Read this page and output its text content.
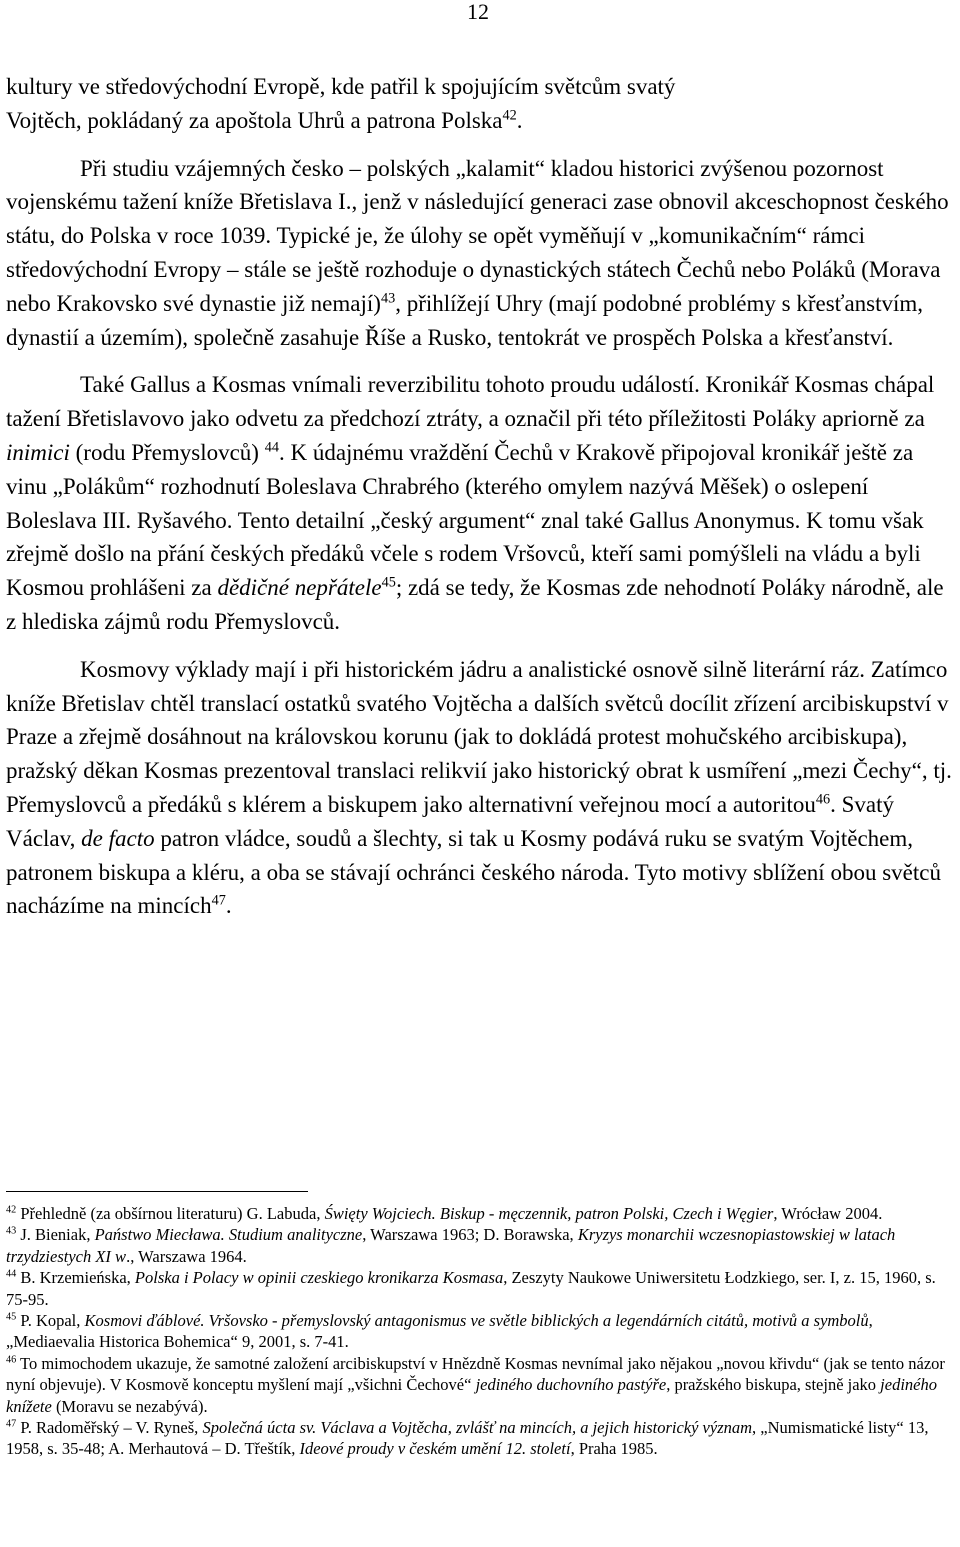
12

kultury ve středovýchodní Evropě, kde patřil k spojujícím světcům svatý
Vojtěch, pokládaný za apoštola Uhrů a patrona Polska$^{42}$.

Při studiu vzájemných česko – polských „kalamit“ kladou historici zvýšenou pozornost vojenskému tažení kníže Břetislava I., jenž v následující generaci zase obnovil akceschopnost českého státu, do Polska v roce 1039. Typické je, že úlohy se opět vyměňují v „komunikačním“ rámci středovýchodní Evropy – stále se ještě rozhoduje o dynastických státech Čechů nebo Poláků (Morava nebo Krakovsko své dynastie již nemají)$^{43}$, přihlížejí Uhry (mají podobné problémy s křesťanstvím, dynastií a územím), společně zasahuje Říše a Rusko, tentokrát ve prospěch Polska a křesťanství.

Také Gallus a Kosmas vnímali reverzibilitu tohoto proudu událostí. Kronikář Kosmas chápal tažení Břetislavovo jako odvetu za předchozí ztráty, a označil při této příležitosti Poláky apriorně za inimici (rodu Přemyslovců) $^{44}$. K údajnému vraždění Čechů v Krakově připojoval kronikář ještě za vinu „Polákům“ rozhodnutí Boleslava Chrabrého (kterého omylem nazývá Měšek) o oslepení Boleslava III. Ryšavého. Tento detailní „český argument“ znal také Gallus Anonymus. K tomu však zřejmě došlo na přání českých předáků včele s rodem Vršovců, kteří sami pomýšleli na vládu a byli Kosmou prohlášeni za dědičné nepřátele$^{45}$; zdá se tedy, že Kosmas zde nehodnotí Poláky národně, ale z hlediska zájmů rodu Přemyslovců.

Kosmovy výklady mají i při historickém jádru a analistické osnově silně literární ráz. Zatímco kníže Břetislav chtěl translací ostatků svatého Vojtěcha a dalších světců docílit zřízení arcibiskupství v Praze a zřejmě dosáhnout na královskou korunu (jak to dokládá protest mohučského arcibiskupa), pražský děkan Kosmas prezentoval translaci relikvií jako historický obrat k usmíření „mezi Čechy“, tj. Přemyslovců a předáků s klérem a biskupem jako alternativní veřejnou mocí a autoritou$^{46}$. Svatý Václav, de facto patron vládce, soudů a šlechty, si tak u Kosmy podává ruku se svatým Vojtěchem, patronem biskupa a kléru, a oba se stávají ochránci českého národa. Tyto motivy sblížení obou světců nacházíme na mincích$^{47}$.

$^{42}$ Přehledně (za obšírnou literaturu) G. Labuda, Święty Wojciech. Biskup - męczennik, patron Polski, Czech i Węgier, Wrócław 2004.

$^{43}$ J. Bieniak, Państwo Miecława. Studium analityczne, Warszawa 1963; D. Borawska, Kryzys monarchii wczesnopiastowskiej w latach trzydziestych XI w., Warszawa 1964.

$^{44}$ B. Krzemieńska, Polska i Polacy w opinii czeskiego kronikarza Kosmasa, Zeszyty Naukowe Uniwersitetu Łodzkiego, ser. I, z. 15, 1960, s. 75-95.

$^{45}$ P. Kopal, Kosmovi ďáblové. Vršovsko - přemyslovský antagonismus ve světle biblických a legendárních citátů, motivů a symbolů, „Mediaevalia Historica Bohemica“ 9, 2001, s. 7-41.

$^{46}$ To mimochodem ukazuje, že samotné založení arcibiskupství v Hnězdně Kosmas nevnímal jako nějakou „novou křivdu“ (jak se tento názor nyní objevuje). V Kosmově konceptu myšlení mají „všichni Čechové“ jediného duchovního pastýře, pražského biskupa, stejně jako jediného knížete (Moravu se nezabývá).

$^{47}$ P. Radoměřský – V. Ryneš, Společná úcta sv. Václava a Vojtěcha, zvlášť na mincích, a jejich historický význam, „Numismatické listy“ 13, 1958, s. 35-48; A. Merhautová – D. Třeštík, Ideové proudy v českém umění 12. století, Praha 1985.
